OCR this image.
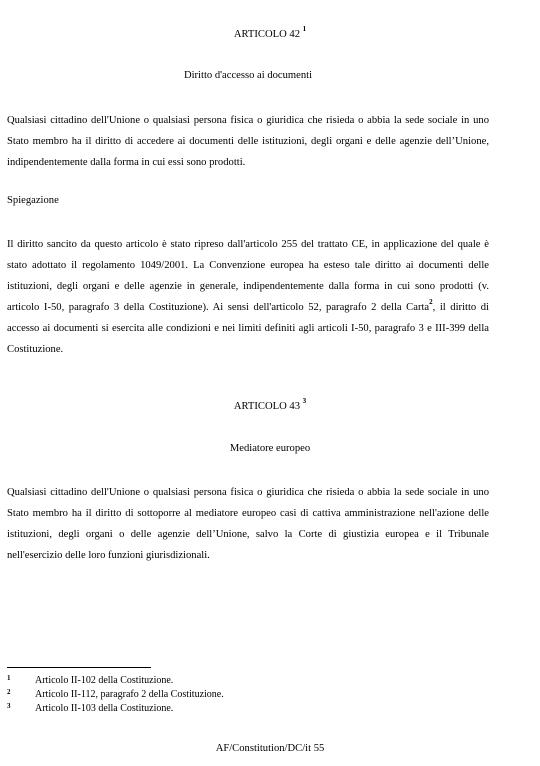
ARTICOLO 42 $^1$
Diritto d'accesso ai documenti
Qualsiasi cittadino dell'Unione o qualsiasi persona fisica o giuridica che risieda o abbia la sede sociale in uno Stato membro ha il diritto di accedere ai documenti delle istituzioni, degli organi e delle agenzie dell’Unione, indipendentemente dalla forma in cui essi sono prodotti.
Spiegazione
Il diritto sancito da questo articolo è stato ripreso dall'articolo 255 del trattato CE, in applicazione del quale è stato adottato il regolamento 1049/2001. La Convenzione europea ha esteso tale diritto ai documenti delle istituzioni, degli organi e delle agenzie in generale, indipendentemente dalla forma in cui sono prodotti (v. articolo I-50, paragrafo 3 della Costituzione). Ai sensi dell'articolo 52, paragrafo 2 della Carta$^2$, il diritto di accesso ai documenti si esercita alle condizioni e nei limiti definiti agli articoli I-50, paragrafo 3 e III-399 della Costituzione.
ARTICOLO 43 $^3$
Mediatore europeo
Qualsiasi cittadino dell'Unione o qualsiasi persona fisica o giuridica che risieda o abbia la sede sociale in uno Stato membro ha il diritto di sottoporre al mediatore europeo casi di cattiva amministrazione nell'azione delle istituzioni, degli organi o delle agenzie dell’Unione, salvo la Corte di giustizia europea e il Tribunale nell'esercizio delle loro funzioni giurisdizionali.
1 Articolo II-102 della Costituzione.
2 Articolo II-112, paragrafo 2 della Costituzione.
3 Articolo II-103 della Costituzione.
AF/Constitution/DC/it 55
